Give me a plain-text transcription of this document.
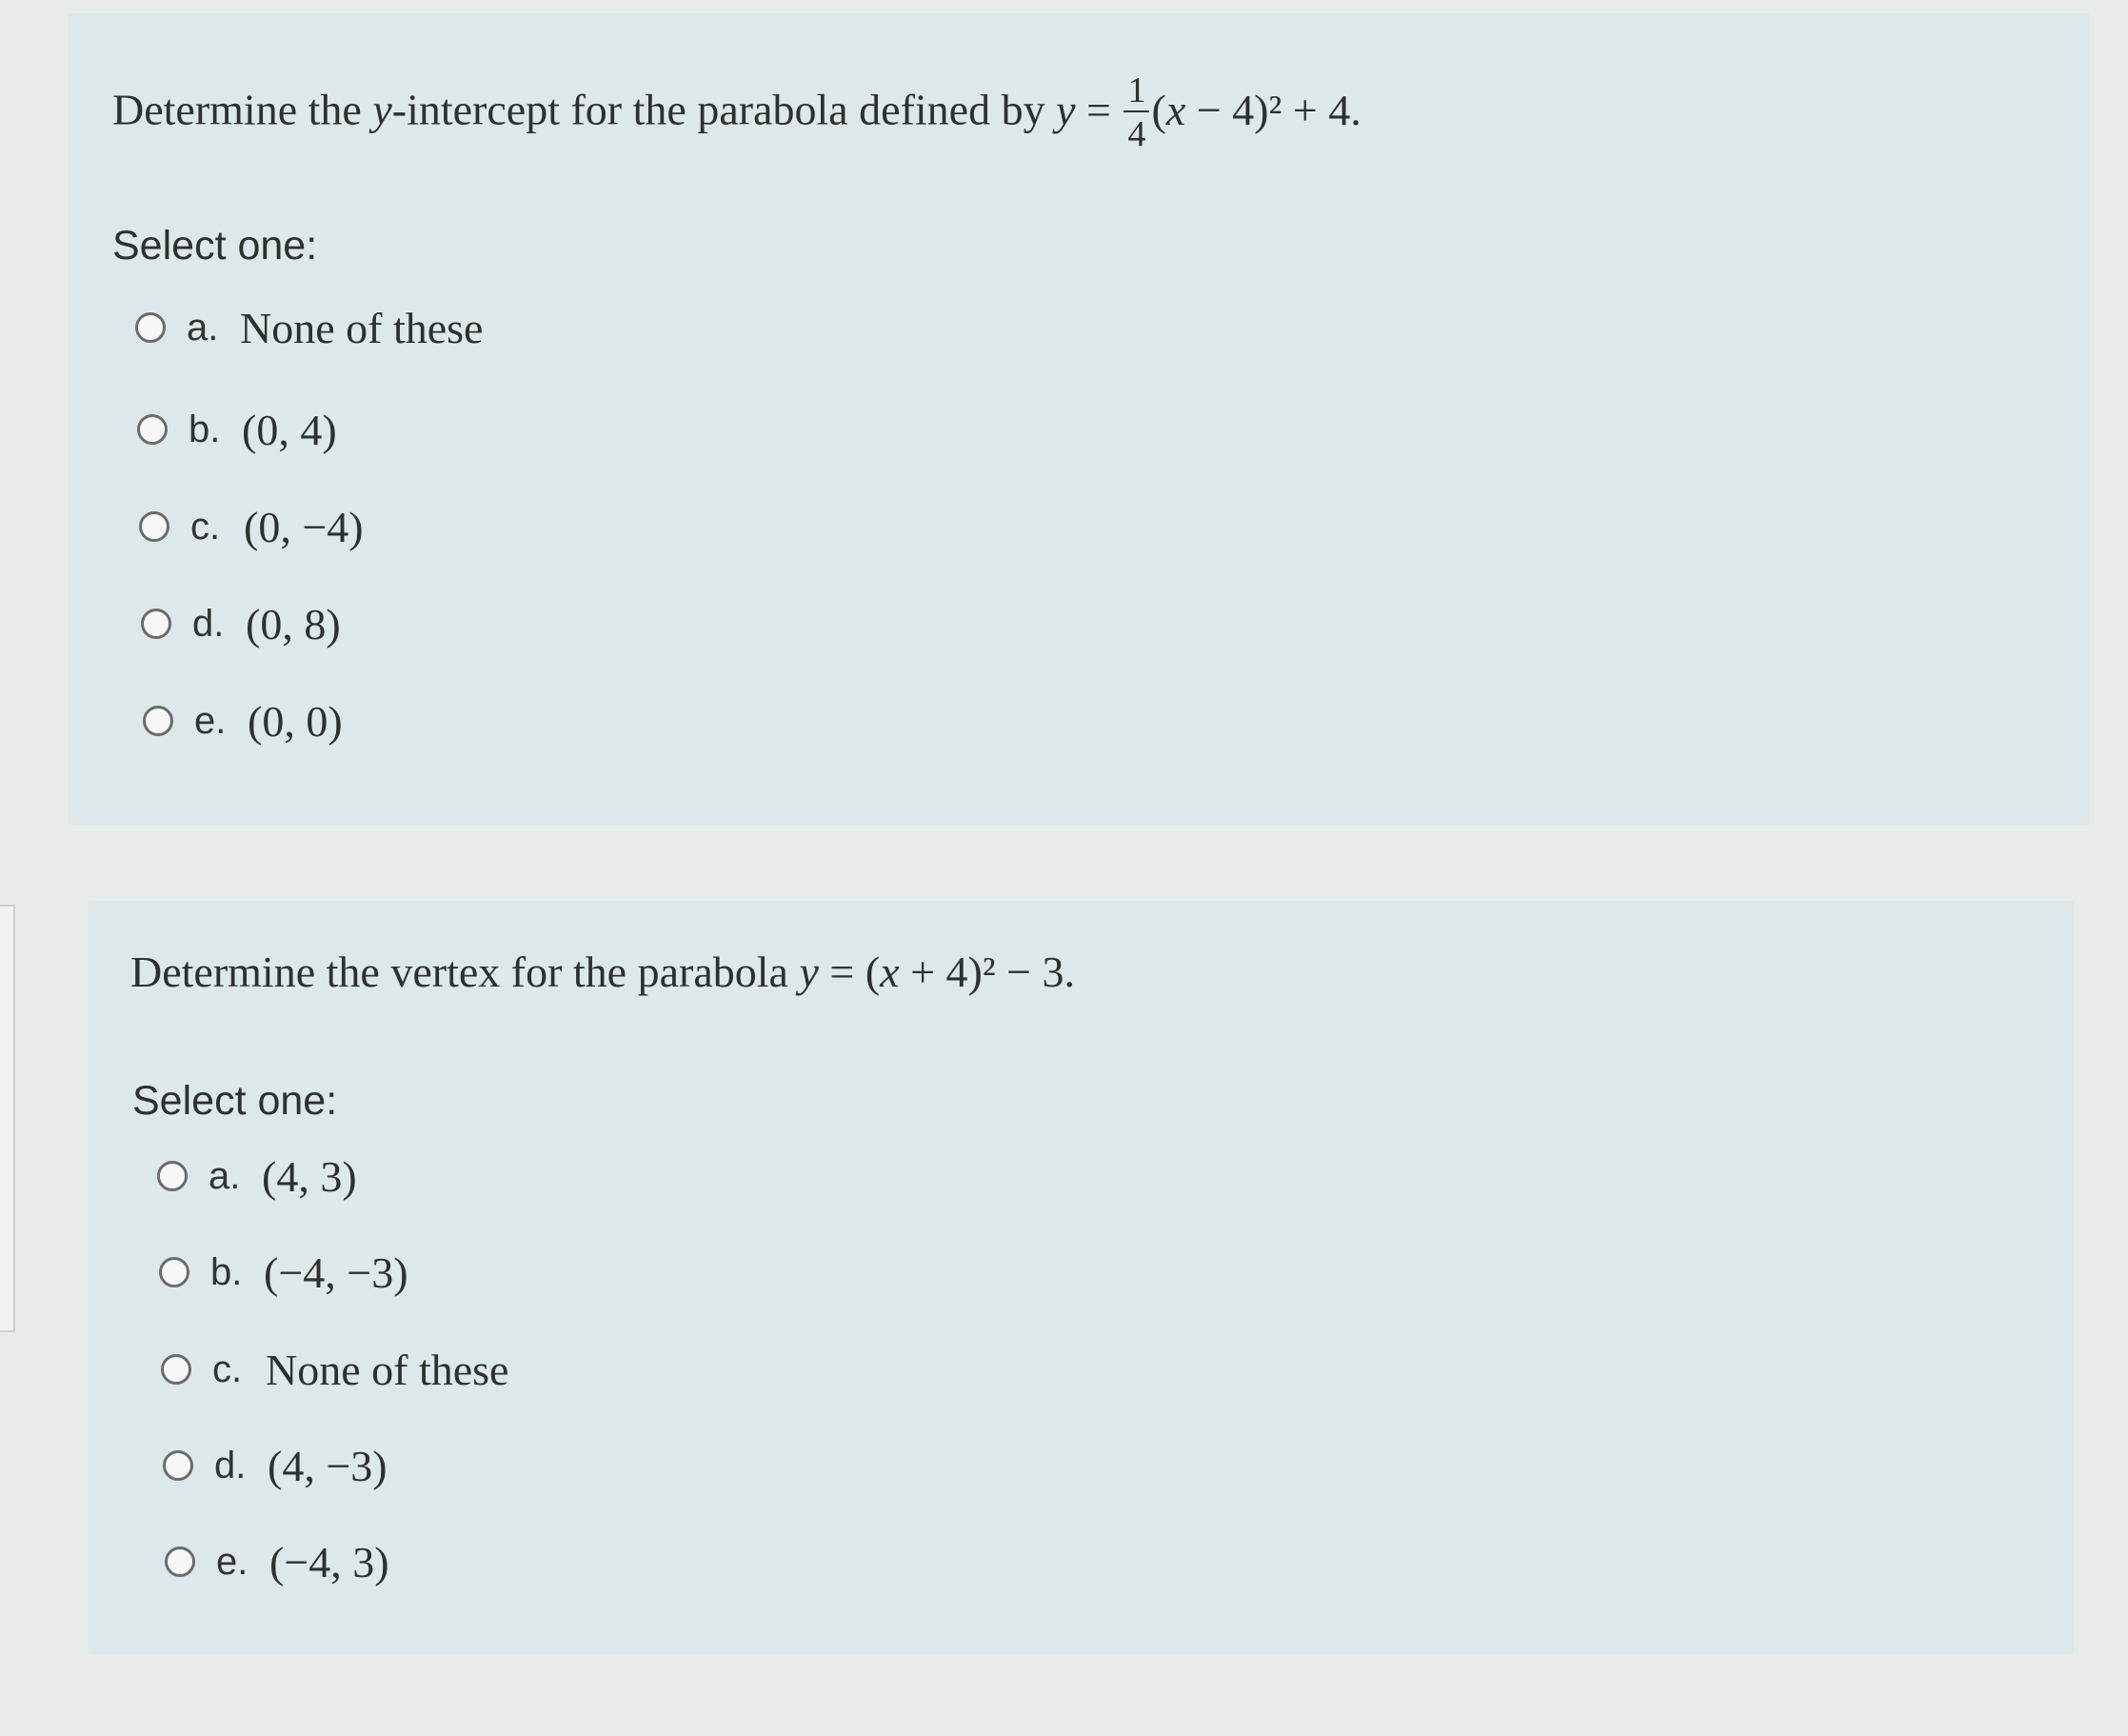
Determine the y-intercept for the parabola defined by $y = \frac{1}{4} (x - 4)^2 + 4$.
Select one:
a. None of these
b. (0, 4)
c. (0, −4)
d. (0, 8)
e. (0, 0)
Determine the vertex for the parabola y = (x + 4)² − 3.
Select one:
a. (4, 3)
b. (−4, −3)
c. None of these
d. (4, −3)
e. (−4, 3)
